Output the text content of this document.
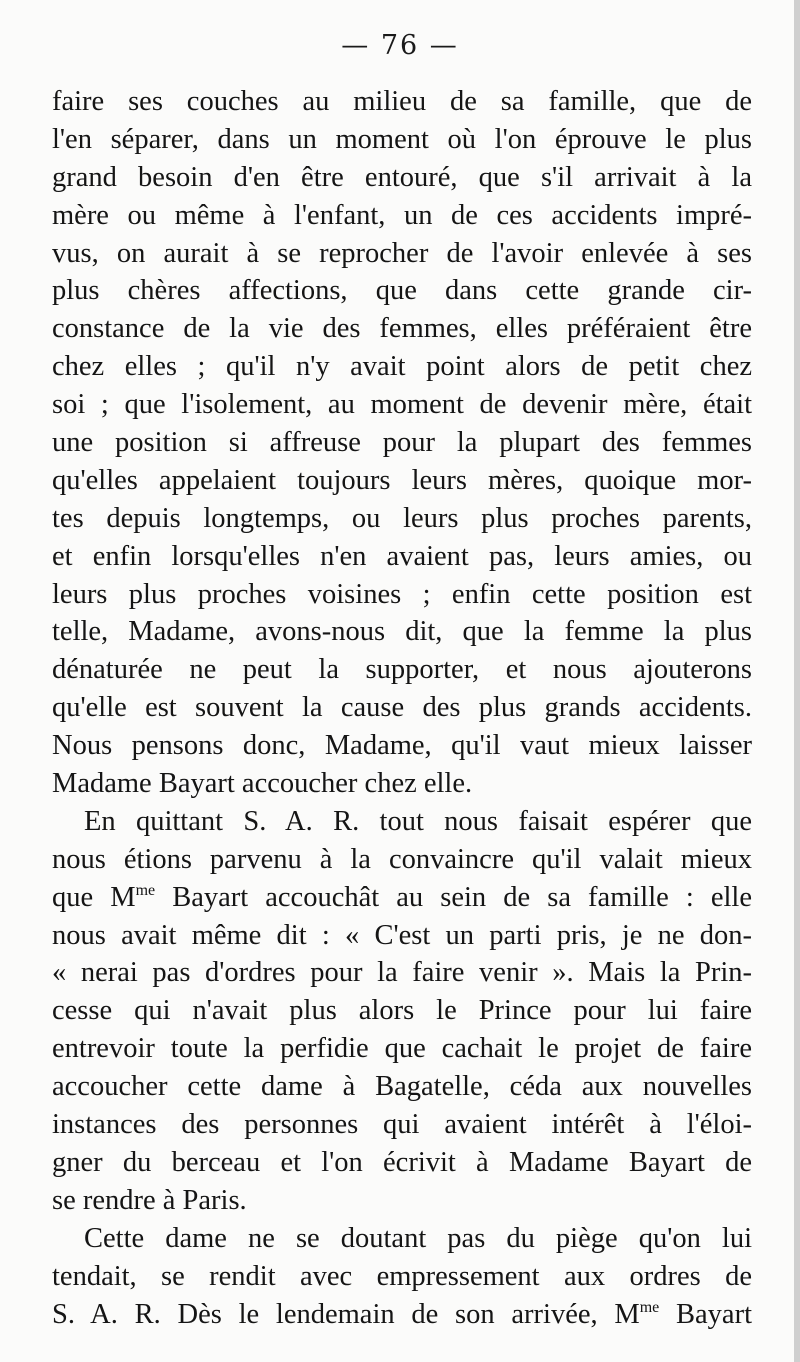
— 76 —
faire ses couches au milieu de sa famille, que de
l'en séparer, dans un moment où l'on éprouve le plus
grand besoin d'en être entouré, que s'il arrivait à la
mère ou même à l'enfant, un de ces accidents impré-
vus, on aurait à se reprocher de l'avoir enlevée à ses
plus chères affections, que dans cette grande cir-
constance de la vie des femmes, elles préféraient être
chez elles ; qu'il n'y avait point alors de petit chez
soi ; que l'isolement, au moment de devenir mère, était
une position si affreuse pour la plupart des femmes
qu'elles appelaient toujours leurs mères, quoique mor-
tes depuis longtemps, ou leurs plus proches parents,
et enfin lorsqu'elles n'en avaient pas, leurs amies, ou
leurs plus proches voisines ; enfin cette position est
telle, Madame, avons-nous dit, que la femme la plus
dénaturée ne peut la supporter, et nous ajouterons
qu'elle est souvent la cause des plus grands accidents.
Nous pensons donc, Madame, qu'il vaut mieux laisser
Madame Bayart accoucher chez elle.
En quittant S. A. R. tout nous faisait espérer que
nous étions parvenu à la convaincre qu'il valait mieux
que $M^{me}$ Bayart accouchât au sein de sa famille : elle
nous avait même dit : « C'est un parti pris, je ne don-
« nerai pas d'ordres pour la faire venir ». Mais la Prin-
cesse qui n'avait plus alors le Prince pour lui faire
entrevoir toute la perfidie que cachait le projet de faire
accoucher cette dame à Bagatelle, céda aux nouvelles
instances des personnes qui avaient intérêt à l'éloi-
gner du berceau et l'on écrivit à Madame Bayart de
se rendre à Paris.
Cette dame ne se doutant pas du piège qu'on lui
tendait, se rendit avec empressement aux ordres de
S. A. R. Dès le lendemain de son arrivée, $M^{me}$ Bayart
